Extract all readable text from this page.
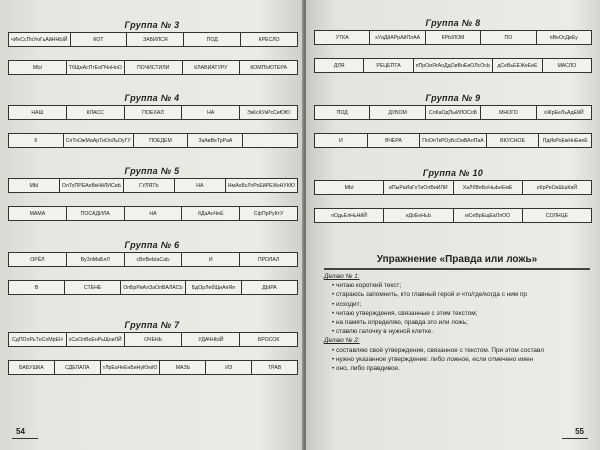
Группа № 3
чИеСсПпУюГьАйННЫЙ	КОТ	ЗАБИЛСЯ	ПОД	КРЕСЛО
МЫ	ТбЩеАсПтЕоПЧнНоО	ПОЧИСТИЛИ	КЛАВИАТУРУ	КОМПЬЮТЕРА
Группа № 4
НАШ	КЛАСС	ПОЕХАЛ	НА	ЭкКсКУкРсСиЮЮ
К	СпТоОжМаАрТиОоЛьОуГУ	ПОЕДЕМ	ЗаАвВеТрРаА
Группа № 5
МЫ	ОлТоПРЕАеВкНйЛИСиЬ	ГУЛЯТЬ	НА	НмАоБсЛтРоЕйРЕЖкНУКЮ
МАМА	ПОСАДИЛА	НА	бДаАнЧеЕ	СфПрРуКтУ
Группа № 6
ОРЁЛ	ВуЗлМаБлЛ	сВлВеЫаСаЬ	И	ПРОЛАЛ
В	СТЕНЕ	ОпБрРиАлЗаОпВАЛАСЬ	БдОрЛебЩиАяЯя	ДЫРА
Группа № 7
СдПОоРьТнСоМрЕН	хСаОлВоЕнРьЩниЛЙ	ОЧЕНЬ	УДАЧНЫЙ	БРОСОК
БАБУШКА	СДЕЛАЛА	тЛрЕаЧеЕнБиНуЮюЮ	МАЗЬ	ИЗ	ТРАВ
54
Упражнение «Правда или ложь»
Делаю № 1:
• читаю короткий текст;
• стараюсь запомнить, кто главный герой и что/где/когда с ним пр
• исходит;
• читаю утверждения, связанные с этим текстом;
• на память определяю, правда это или ложь;
• ставлю галочку в нужной клетке.
Делаю № 2:
• составляю своё утверждение, связанное с текстом. При этом составл
• нужно указанное утверждение: либо ложное, если отмечено имен
• оно, либо правдивое.
Группа № 8
УТКА	хУаДйАРрАйПлАА	КРЫЛОМ	ПО	пВеОсДвЕу
ДЛЯ	РЕЦЕПТА	пПрОиЯгАоДдОиВнЕиОЛсОсЬ	дСеВьЕЕЖеЕеЕ	МАСЛО
Группа № 9
ПОД	ДУБОМ	СлКаОдПыИЛОСоБ	МНОГО	оЖрЕеЛьАдЕйЙ
И	ВЧЕРА	ПоОпТкРОуБсОиВАлПаА	ВКУСНОЕ	ПдИкРоЕжНнЕиеЕ
Группа № 10
МЫ	вПыРаИаГоТиОлВиИЛИ	ХаЛбВеБоНыЬеЕмЕ	оКрРеОаШшКиЙ
пОдьЕлНьНйЙ	нДоЕнНьЬ	мСеВрЕщЕаЛлОО	СОЛНЦЕ
55
